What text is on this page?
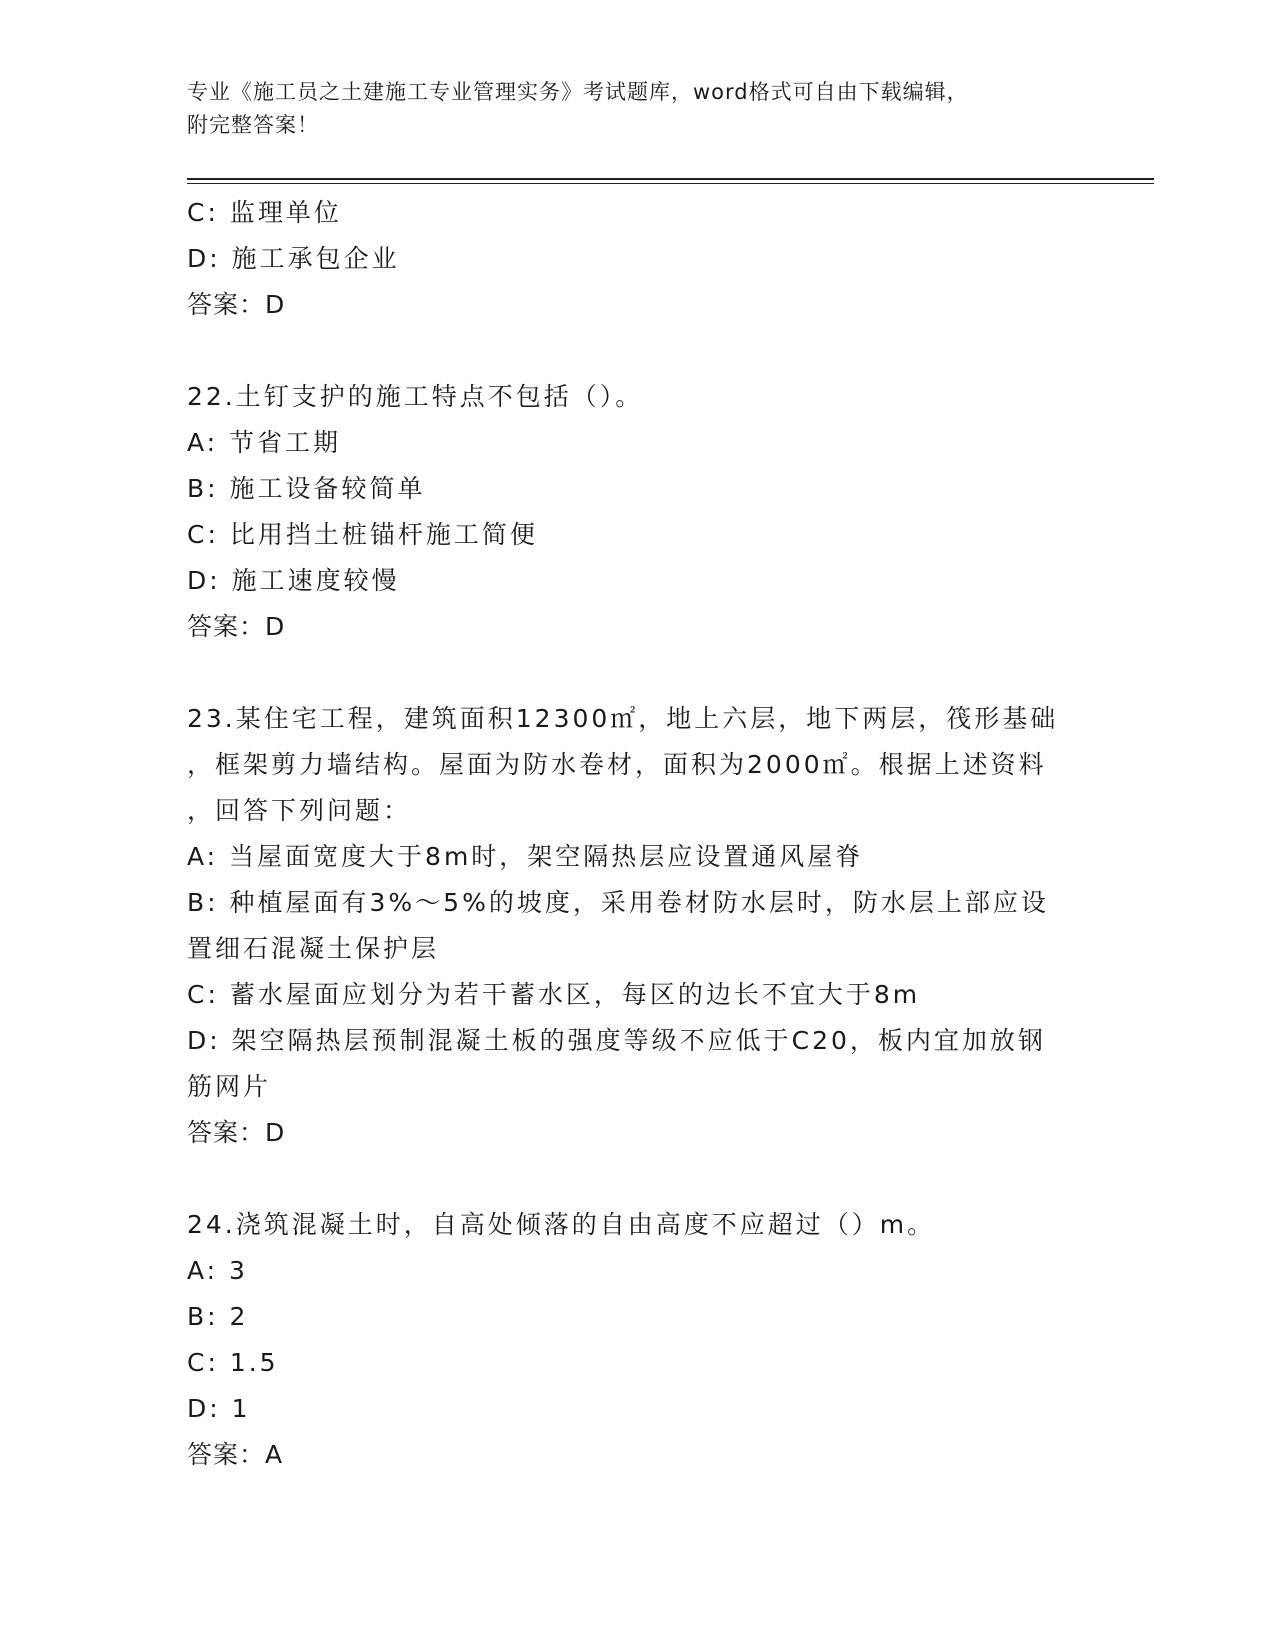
专业《施工员之土建施工专业管理实务》考试题库，word格式可自由下载编辑，
附完整答案！

C: 监理单位

D: 施工承包企业

答案：D

22.土钉支护的施工特点不包括（）。

A: 节省工期

B: 施工设备较简单

C: 比用挡土桩锚杆施工简便

D: 施工速度较慢

答案：D

23.某住宅工程，建筑面积12300㎡，地上六层，地下两层，筏形基础

，框架剪力墙结构。屋面为防水卷材，面积为2000㎡。根据上述资料

，回答下列问题：

A: 当屋面宽度大于8m时，架空隔热层应设置通风屋脊

B: 种植屋面有3%～5%的坡度，采用卷材防水层时，防水层上部应设

置细石混凝土保护层

C: 蓄水屋面应划分为若干蓄水区，每区的边长不宜大于8m

D: 架空隔热层预制混凝土板的强度等级不应低于C20，板内宜加放钢

筋网片

答案：D

24.浇筑混凝土时，自高处倾落的自由高度不应超过（）m。

A: 3

B: 2

C: 1.5

D: 1

答案：A
